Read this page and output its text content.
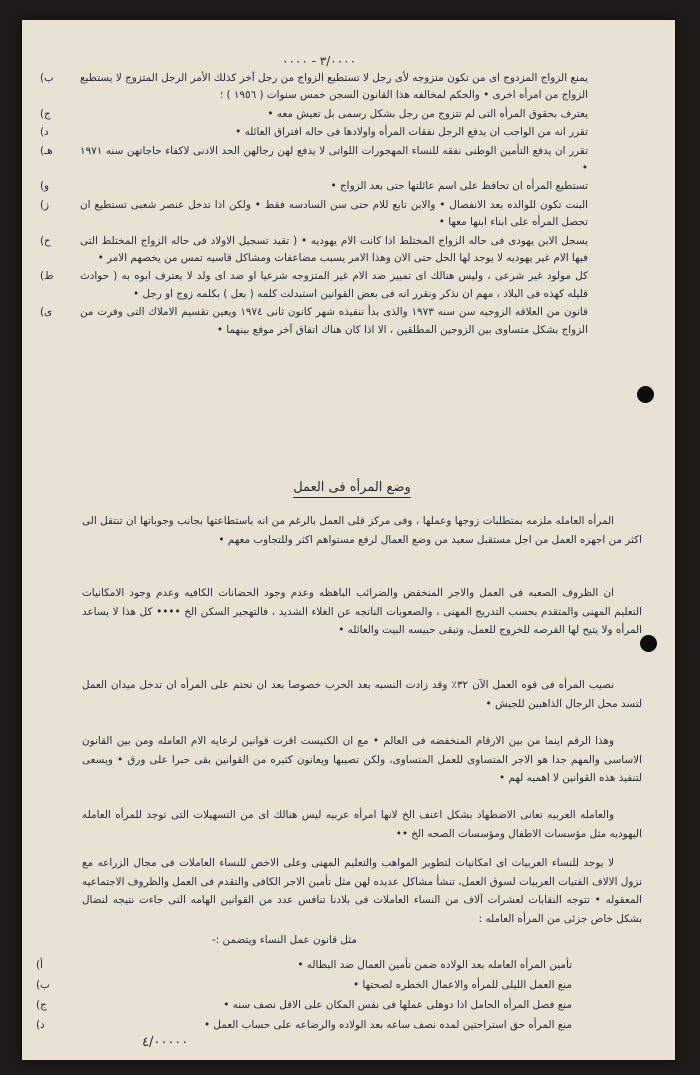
٣/٠٠٠٠ - ٠٠٠٠
ب)	يمنع الزواج المزدوج اى من تكون متزوجه لأى رجل لا تستطيع الزواج من رجل آخر كذلك الأمر الرجل المتزوج لا يستطيع الزواج من امرأه اخرى • والحكم لمخالفه هذا القانون السجن خمس سنوات ( ١٩٥٦ ) ؛
ج)	يعترف بحقوق المرأه التى لم تتزوج من رجل بشكل رسمى بل تعيش معه •
د)	تقرر انه من الواجب ان يدفع الرجل نفقات المرأه واولادها فى حاله افتراق العائله •
هـ)	تقرر ان يدفع التأمين الوطنى نفقه للنساء المهجورات اللواتى لا يدفع لهن رجالهن الحد الادنى لاكفاء حاجاتهن سنه ١٩٧١ •
و)	تستطيع المرأه ان تحافظ على اسم عائلتها حتى بعد الزواج •
ز)	البنت تكون للوالده بعد الانفصال • والابن تابع للام حتى سن السادسه فقط • ولكن اذا تدخل عنصر شعبى تستطيع ان تحصل المرأه على ابناء ابنها معها •
ح)	يسجل الابن يهودى فى حاله الزواج المختلط اذا كانت الام يهوديه • ( تقيد تسجيل الاولاد فى حاله الزواج المختلط التى فيها الام غير يهوديه لا يوجد لها الحل حتى الان وهذا الامر يسبب مضاعفات ومشاكل قاسيه تمس من يخصهم الامر •
ط)	كل مولود غير شرعى ، وليس هنالك اى تمييز ضد الام غير المتزوجه شرعيا او ضد اى ولد لا يعترف ابوه به ( حوادث قليله كهذه فى البلاد ، مهم ان نذكر ونقرر انه فى بعض القوانين استبدلت كلمه ( بعل ) بكلمه زوج او رجل •
ى)	قانون من العلاقه الزوجيه سن سنه ١٩٧٣ والذى بدأ تنفيذه شهر كانون ثانى ١٩٧٤ ويعين تقسيم الاملاك التى وفرت من الزواج بشكل متساوى بين الزوجين المطلقين ، الا اذا كان هناك اتفاق آخر موقع بينهما •
وضع المرأه فى العمل
المرأه العامله ملزمه بمتطلبات زوجها وعملها ، وفى مركز قلى العمل بالرغم من انه باستطاعتها بجانب وجوباتها ان تنتقل الى اكثر من اجهزه العمل من اجل مستقبل سعيد من وضع العمال لرفع مستواهم اكثر وللتجاوب معهم •
ان الظروف الصعبه فى العمل والاجر المنخفض والضرائب الباهظه وعدم وجود الحضانات الكافيه وعدم وجود الامكانيات التعليم المهنى والمتقدم بحسب التدريج المهنى ، والصعوبات الناتجه عن الغلاء الشديد ، فالتهجير السكن الخ •••• كل هذا لا يساعد المرأه ولا يتيح لها الفرصه للخروج للعمل، وتبقى حبيسه البيت والعائله •
نصيب المرأه فى قوه العمل الآن ٣٢٪ وقد زادت النسبه بعد الحرب خصوصا بعد ان تحتم على المرأه ان تدخل ميدان العمل لتسد محل الرجال الذاهبين للجيش •
وهذا الرقم اينما من بين الارقام المنخفضه فى العالم • مع ان الكنيست اقرت قوانين لرعايه الام العامله ومن بين القانون الاساسى والمهم جدا هو الاجر المتساوى للعمل المتساوى، ولكن تصيبها ويعانون كثيره من القوانين بقى حبرا على ورق • ويسعى لتنفيذ هذه القوانين لا اهميه لهم •
والعامله العربيه تعانى الاضطهاد بشكل اعنف الخ لانها امرأه عربيه ليس هنالك اى من التسهيلات التى توجد للمرأه العامله اليهوديه مثل مؤسسات الاطفال ومؤسسات الصحه الخ ••
لا يوجد للنساء العربيات اى امكانيات لتطوير المواهب والتعليم المهنى وعلى الاخص للنساء العاملات فى مجال الزراعه مع نزول الالاف الفتيات العربيات لسوق العمل، تنشأ مشاكل عديده لهن مثل تأمين الاجر الكافى والتقدم فى العمل والظروف الاجتماعيه المعقوله • تتوجه النقابات لعشرات آلاف من النساء العاملات فى بلادنا تنافس عدد من القوانين الهامه التى جاءت نتيجه لنضال بشكل خاص جزئى من المرأه العامله :
مثل قانون عمل النساء ويتضمن :-
أ)	تأمين المرأه العامله بعد الولاده ضمن تأمين العمال ضد البطاله •
ب)	منع العمل الليلى للمرأه والاعمال الخطره لصحتها •
ج)	منع فصل المرأه الحامل اذا دوهلى عملها فى نفس المكان على الاقل نصف سنه •
د)	منع المرأه حق استراحتين لمده نصف ساعه بعد الولاده والرضاعه على حساب العمل •
٤/٠٠٠٠٠
